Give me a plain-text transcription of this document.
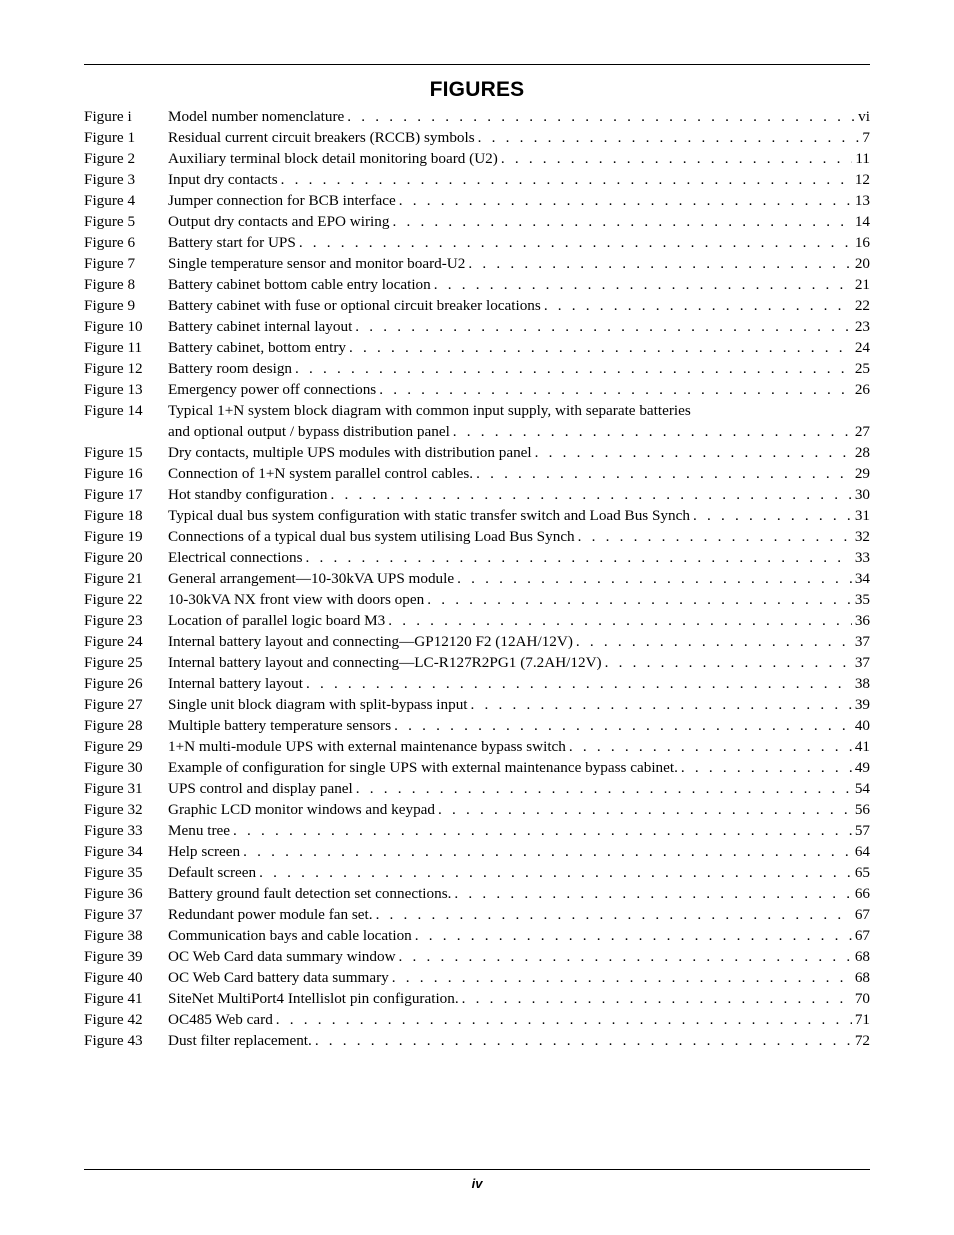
FIGURES
Figure i	Model number nomenclature . . .	vi
Figure 1	Residual current circuit breakers (RCCB) symbols . . .	7
Figure 2	Auxiliary terminal block detail monitoring board (U2) . . .	11
Figure 3	Input dry contacts . . .	12
Figure 4	Jumper connection for BCB interface . . .	13
Figure 5	Output dry contacts and EPO wiring . . .	14
Figure 6	Battery start for UPS . . .	16
Figure 7	Single temperature sensor and monitor board-U2 . . .	20
Figure 8	Battery cabinet bottom cable entry location . . .	21
Figure 9	Battery cabinet with fuse or optional circuit breaker locations . . .	22
Figure 10	Battery cabinet internal layout . . .	23
Figure 11	Battery cabinet, bottom entry . . .	24
Figure 12	Battery room design . . .	25
Figure 13	Emergency power off connections . . .	26
Figure 14	Typical 1+N system block diagram with common input supply, with separate batteries
and optional output / bypass distribution panel . . .	27
Figure 15	Dry contacts, multiple UPS modules with distribution panel . . .	28
Figure 16	Connection of 1+N system parallel control cables. . . .	29
Figure 17	Hot standby configuration . . .	30
Figure 18	Typical dual bus system configuration with static transfer switch and Load Bus Synch . . .	31
Figure 19	Connections of a typical dual bus system utilising Load Bus Synch . . .	32
Figure 20	Electrical connections . . .	33
Figure 21	General arrangement—10-30kVA UPS module . . .	34
Figure 22	10-30kVA NX front view with doors open . . .	35
Figure 23	Location of parallel logic board M3 . . .	36
Figure 24	Internal battery layout and connecting—GP12120 F2 (12AH/12V) . . .	37
Figure 25	Internal battery layout and connecting—LC-R127R2PG1 (7.2AH/12V) . . .	37
Figure 26	Internal battery layout . . .	38
Figure 27	Single unit block diagram with split-bypass input . . .	39
Figure 28	Multiple battery temperature sensors . . .	40
Figure 29	1+N multi-module UPS with external maintenance bypass switch . . .	41
Figure 30	Example of configuration for single UPS with external maintenance bypass cabinet. . . .	49
Figure 31	UPS control and display panel . . .	54
Figure 32	Graphic LCD monitor windows and keypad . . .	56
Figure 33	Menu tree . . .	57
Figure 34	Help screen . . .	64
Figure 35	Default screen . . .	65
Figure 36	Battery ground fault detection set connections. . . .	66
Figure 37	Redundant power module fan set. . . .	67
Figure 38	Communication bays and cable location . . .	67
Figure 39	OC Web Card data summary window . . .	68
Figure 40	OC Web Card battery data summary . . .	68
Figure 41	SiteNet MultiPort4 Intellislot pin configuration. . . .	70
Figure 42	OC485 Web card . . .	71
Figure 43	Dust filter replacement. . . .	72
iv
